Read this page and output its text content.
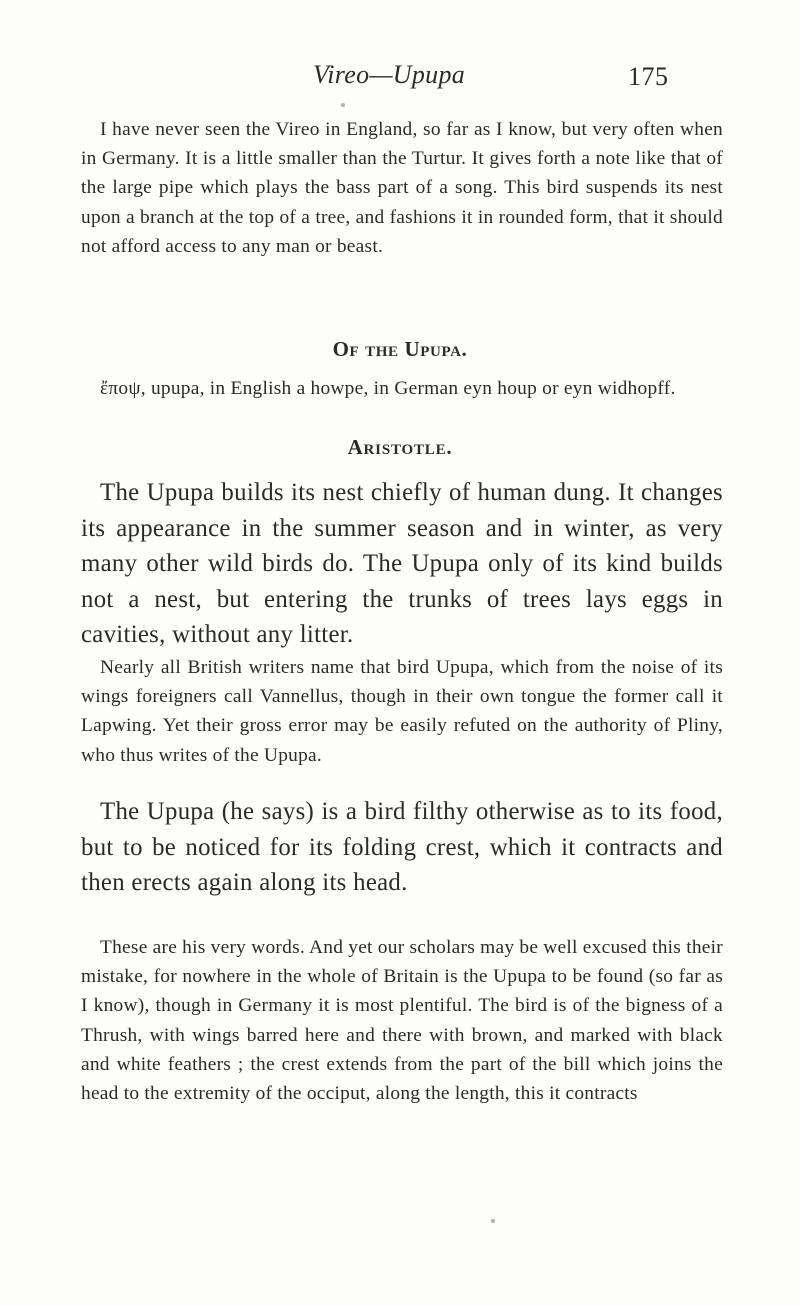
Vireo—Upupa	175

I have never seen the Vireo in England, so far as I know, but very often when in Germany. It is a little smaller than the Turtur. It gives forth a note like that of the large pipe which plays the bass part of a song. This bird suspends its nest upon a branch at the top of a tree, and fashions it in rounded form, that it should not afford access to any man or beast.

Of the Upupa.

ἔποψ, upupa, in English a howpe, in German eyn houp or eyn widhopff.

Aristotle.

The Upupa builds its nest chiefly of human dung. It changes its appearance in the summer season and in winter, as very many other wild birds do. The Upupa only of its kind builds not a nest, but entering the trunks of trees lays eggs in cavities, without any litter.

Nearly all British writers name that bird Upupa, which from the noise of its wings foreigners call Vannellus, though in their own tongue the former call it Lapwing. Yet their gross error may be easily refuted on the authority of Pliny, who thus writes of the Upupa.

The Upupa (he says) is a bird filthy otherwise as to its food, but to be noticed for its folding crest, which it contracts and then erects again along its head.

These are his very words. And yet our scholars may be well excused this their mistake, for nowhere in the whole of Britain is the Upupa to be found (so far as I know), though in Germany it is most plentiful. The bird is of the bigness of a Thrush, with wings barred here and there with brown, and marked with black and white feathers ; the crest extends from the part of the bill which joins the head to the extremity of the occiput, along the length, this it contracts
